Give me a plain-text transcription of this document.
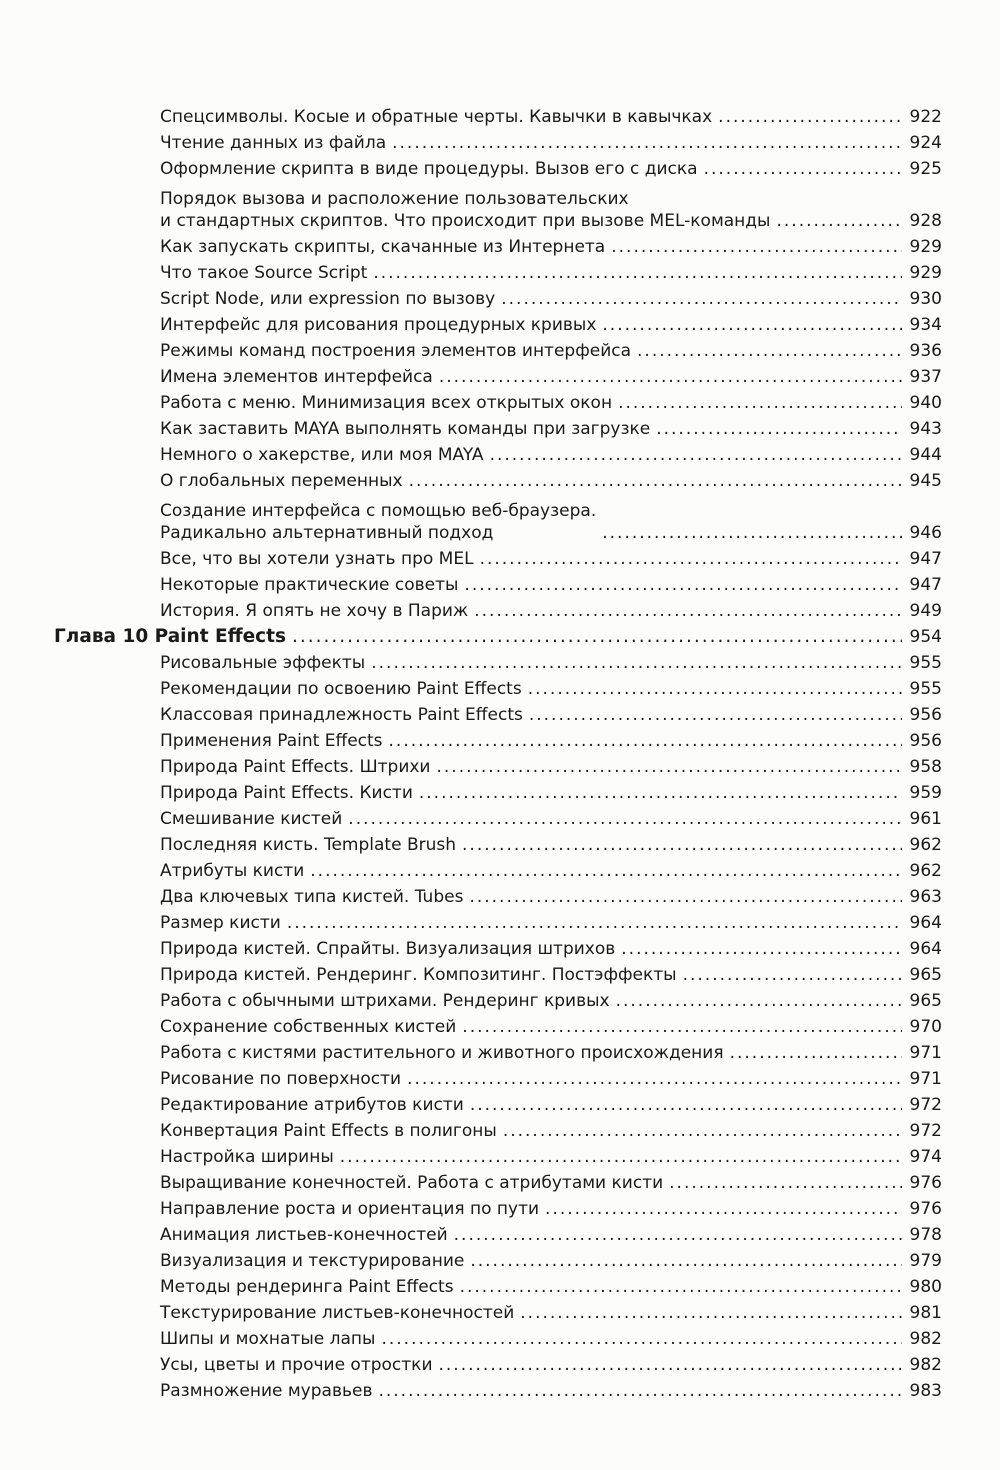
Спецсимволы. Косые и обратные черты. Кавычки в кавычках .....	922
Чтение данных из файла .....	924
Оформление скрипта в виде процедуры. Вызов его с диска .....	925
Порядок вызова и расположение пользовательских
и стандартных скриптов. Что происходит при вызове MEL-команды .....	928
Как запускать скрипты, скачанные из Интернета .....	929
Что такое Source Script .....	929
Script Node, или expression по вызову .....	930
Интерфейс для рисования процедурных кривых .....	934
Режимы команд построения элементов интерфейса .....	936
Имена элементов интерфейса .....	937
Работа с меню. Минимизация всех открытых окон .....	940
Как заставить MAYA выполнять команды при загрузке .....	943
Немного о хакерстве, или моя MAYA .....	944
О глобальных переменных .....	945
Создание интерфейса с помощью веб-браузера.
Радикально альтернативный подход .....	946
Все, что вы хотели узнать про MEL .....	947
Некоторые практические советы .....	947
История. Я опять не хочу в Париж .....	949
Глава 10 Paint Effects .....	954
Рисовальные эффекты .....	955
Рекомендации по освоению Paint Effects .....	955
Классовая принадлежность Paint Effects .....	956
Применения Paint Effects .....	956
Природа Paint Effects. Штрихи .....	958
Природа Paint Effects. Кисти .....	959
Смешивание кистей .....	961
Последняя кисть. Template Brush .....	962
Атрибуты кисти .....	962
Два ключевых типа кистей. Tubes .....	963
Размер кисти .....	964
Природа кистей. Спрайты. Визуализация штрихов .....	964
Природа кистей. Рендеринг. Композитинг. Постэффекты .....	965
Работа с обычными штрихами. Рендеринг кривых .....	965
Сохранение собственных кистей .....	970
Работа с кистями растительного и животного происхождения .....	971
Рисование по поверхности .....	971
Редактирование атрибутов кисти .....	972
Конвертация Paint Effects в полигоны .....	972
Настройка ширины .....	974
Выращивание конечностей. Работа с атрибутами кисти .....	976
Направление роста и ориентация по пути .....	976
Анимация листьев-конечностей .....	978
Визуализация и текстурирование .....	979
Методы рендеринга Paint Effects .....	980
Текстурирование листьев-конечностей .....	981
Шипы и мохнатые лапы .....	982
Усы, цветы и прочие отростки .....	982
Размножение муравьев .....	983
